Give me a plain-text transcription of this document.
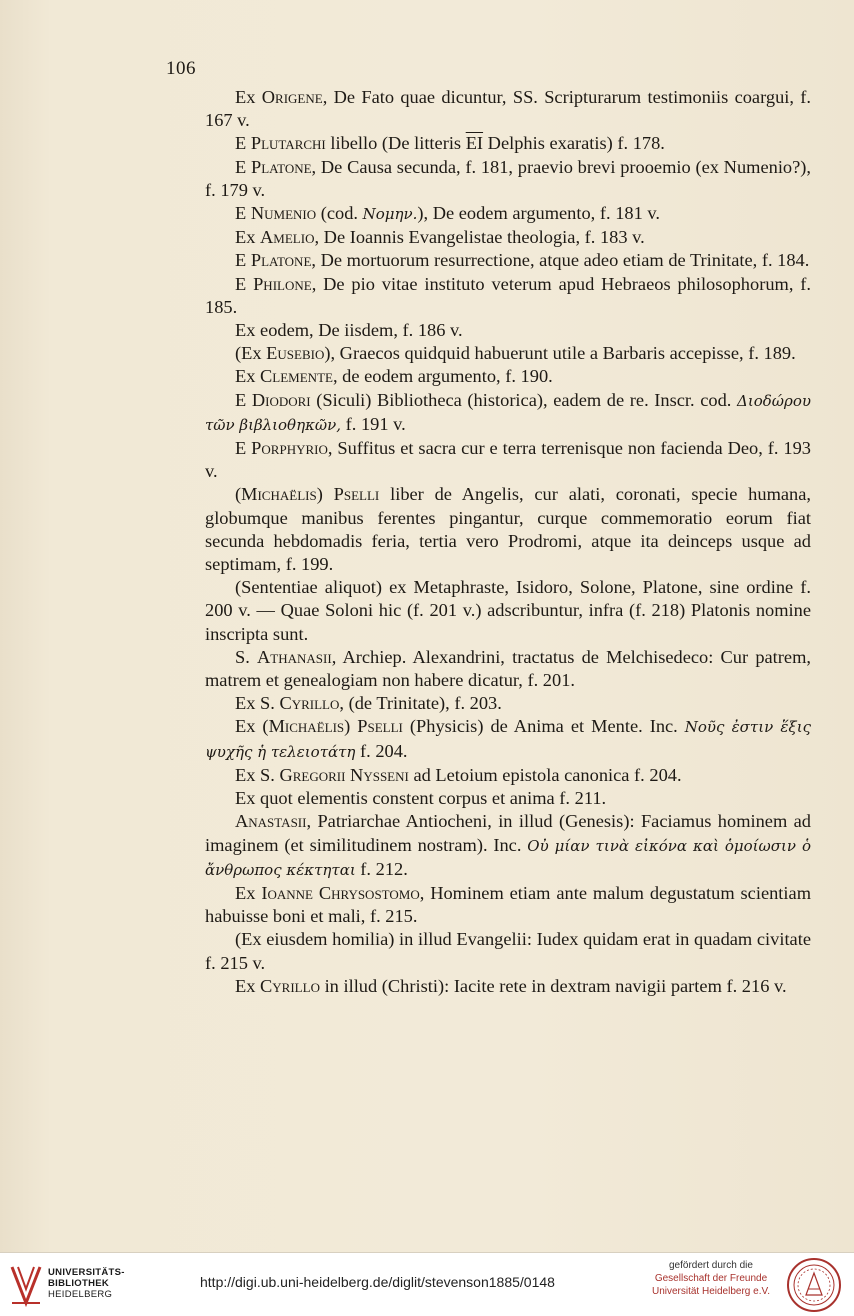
106

Ex Origene, De Fato quae dicuntur, SS. Scripturarum testimoniis coargui, f. 167 v.

E Plutarchi libello (De litteris $\overline{EI}$ Delphis exaratis) f. 178.

E Platone, De Causa secunda, f. 181, praevio brevi prooemio (ex Numenio?), f. 179 v.

E Numenio (cod. Νομην.), De eodem argumento, f. 181 v.

Ex Amelio, De Ioannis Evangelistae theologia, f. 183 v.

E Platone, De mortuorum resurrectione, atque adeo etiam de Trinitate, f. 184.

E Philone, De pio vitae instituto veterum apud Hebraeos philosophorum, f. 185.

Ex eodem, De iisdem, f. 186 v.

(Ex Eusebio), Graecos quidquid habuerunt utile a Barbaris accepisse, f. 189.

Ex Clemente, de eodem argumento, f. 190.

E Diodori (Siculi) Bibliotheca (historica), eadem de re. Inscr. cod. Διοδώρου τῶν βιβλιοθηκῶν, f. 191 v.

E Porphyrio, Suffitus et sacra cur e terra terrenisque non facienda Deo, f. 193 v.

(Michaëlis) Pselli liber de Angelis, cur alati, coronati, specie humana, globumque manibus ferentes pingantur, curque commemoratio eorum fiat secunda hebdomadis feria, tertia vero Prodromi, atque ita deinceps usque ad septimam, f. 199.

(Sententiae aliquot) ex Metaphraste, Isidoro, Solone, Platone, sine ordine f. 200 v. — Quae Soloni hic (f. 201 v.) adscribuntur, infra (f. 218) Platonis nomine inscripta sunt.

S. Athanasii, Archiep. Alexandrini, tractatus de Melchisedeco: Cur patrem, matrem et genealogiam non habere dicatur, f. 201.

Ex S. Cyrillo, (de Trinitate), f. 203.

Ex (Michaëlis) Pselli (Physicis) de Anima et Mente. Inc. Νοῦς ἐστιν ἕξις ψυχῆς ἡ τελειοτάτη f. 204.

Ex S. Gregorii Nysseni ad Letoium epistola canonica f. 204.

Ex quot elementis constent corpus et anima f. 211.

Anastasii, Patriarchae Antiocheni, in illud (Genesis): Faciamus hominem ad imaginem (et similitudinem nostram). Inc. Οὐ μίαν τινὰ εἰκόνα καὶ ὁμοίωσιν ὁ ἄνθρωπος κέκτηται f. 212.

Ex Ioanne Chrysostomo, Hominem etiam ante malum degustatum scientiam habuisse boni et mali, f. 215.

(Ex eiusdem homilia) in illud Evangelii: Iudex quidam erat in quadam civitate f. 215 v.

Ex Cyrillo in illud (Christi): Iacite rete in dextram navigii partem f. 216 v.

UNIVERSITÄTS-
BIBLIOTHEK
HEIDELBERG
http://digi.ub.uni-heidelberg.de/diglit/stevenson1885/0148
gefördert durch die
Gesellschaft der Freunde
Universität Heidelberg e.V.
